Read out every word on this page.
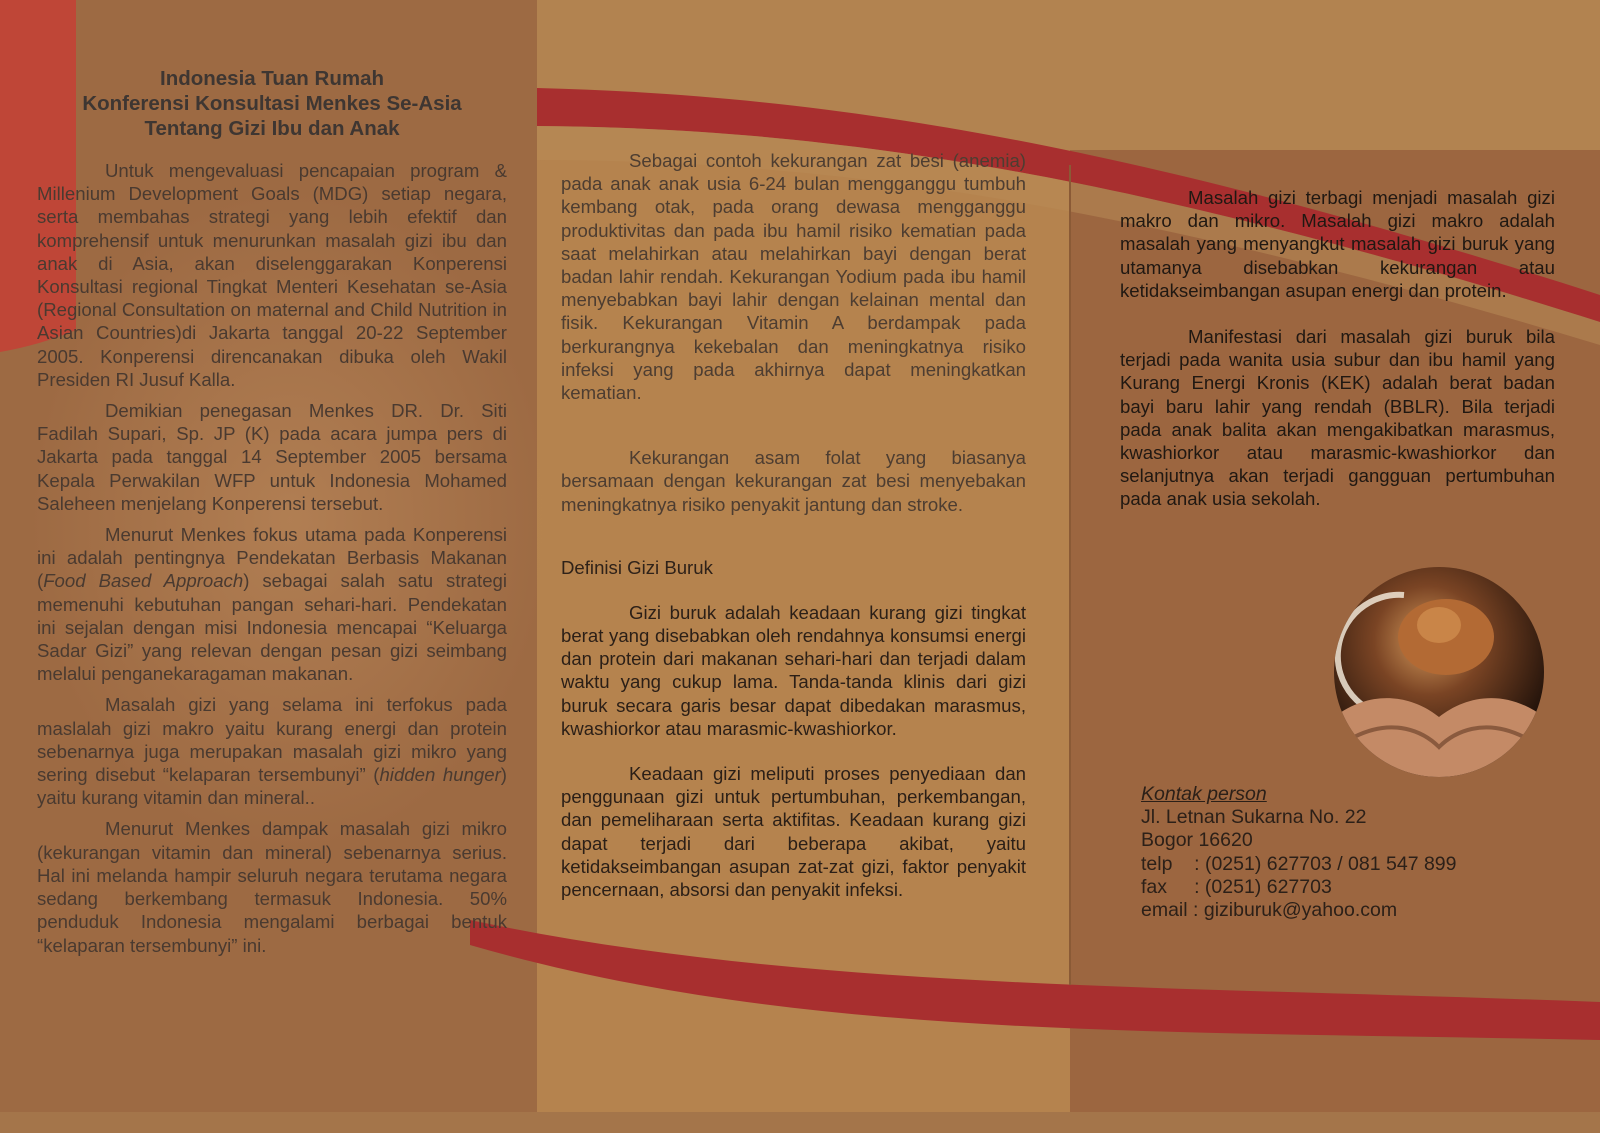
Indonesia Tuan Rumah
Konferensi Konsultasi Menkes Se-Asia
Tentang Gizi Ibu dan Anak

Untuk mengevaluasi pencapaian program & Millenium Development Goals (MDG) setiap negara, serta membahas strategi yang lebih efektif dan komprehensif untuk menurunkan masalah gizi ibu dan anak di Asia, akan diselenggarakan Konperensi Konsultasi regional Tingkat Menteri Kesehatan se-Asia (Regional Consultation on maternal and Child Nutrition in Asian Countries)di Jakarta tanggal 20-22 September 2005. Konperensi direncanakan dibuka oleh Wakil Presiden RI Jusuf Kalla.

Demikian penegasan Menkes DR. Dr. Siti Fadilah Supari, Sp. JP (K) pada acara jumpa pers di Jakarta pada tanggal 14 September 2005 bersama Kepala Perwakilan WFP untuk Indonesia Mohamed Saleheen menjelang Konperensi tersebut.

Menurut Menkes fokus utama pada Konperensi ini adalah pentingnya Pendekatan Berbasis Makanan (Food Based Approach) sebagai salah satu strategi memenuhi kebutuhan pangan sehari-hari. Pendekatan ini sejalan dengan misi Indonesia mencapai “Keluarga Sadar Gizi” yang relevan dengan pesan gizi seimbang melalui penganekaragaman makanan.

Masalah gizi yang selama ini terfokus pada maslalah gizi makro yaitu kurang energi dan protein sebenarnya juga merupakan masalah gizi mikro yang sering disebut “kelaparan tersembunyi” (hidden hunger) yaitu kurang vitamin dan mineral..

Menurut Menkes dampak masalah gizi mikro (kekurangan vitamin dan mineral) sebenarnya serius. Hal ini melanda hampir seluruh negara terutama negara sedang berkembang termasuk Indonesia. 50% penduduk Indonesia mengalami berbagai bentuk “kelaparan tersembunyi” ini.

Sebagai contoh kekurangan zat besi (anemia) pada anak anak usia 6-24 bulan mengganggu tumbuh kembang otak, pada orang dewasa mengganggu produktivitas dan pada ibu hamil risiko kematian pada saat melahirkan atau melahirkan bayi dengan berat badan lahir rendah. Kekurangan Yodium pada ibu hamil menyebabkan bayi lahir dengan kelainan mental dan fisik. Kekurangan Vitamin A berdampak pada berkurangnya kekebalan dan meningkatnya risiko infeksi yang pada akhirnya dapat meningkatkan kematian.

Kekurangan asam folat yang biasanya bersamaan dengan kekurangan zat besi menyebakan meningkatnya risiko penyakit jantung dan stroke.

Definisi Gizi Buruk

Gizi buruk adalah keadaan kurang gizi tingkat berat yang disebabkan oleh rendahnya konsumsi energi dan protein dari makanan sehari-hari dan terjadi dalam waktu yang cukup lama. Tanda-tanda klinis dari gizi buruk secara garis besar dapat dibedakan marasmus, kwashiorkor atau marasmic-kwashiorkor.

Keadaan gizi meliputi proses penyediaan dan penggunaan gizi untuk pertumbuhan, perkembangan, dan pemeliharaan serta aktifitas. Keadaan kurang gizi dapat terjadi dari beberapa akibat, yaitu ketidakseimbangan asupan zat-zat gizi, faktor penyakit pencernaan, absorsi dan penyakit infeksi.

Masalah gizi terbagi menjadi masalah gizi makro dan mikro. Masalah gizi makro adalah masalah yang menyangkut masalah gizi buruk yang utamanya disebabkan kekurangan atau ketidakseimbangan asupan energi dan protein.

Manifestasi dari masalah gizi buruk bila terjadi pada wanita usia subur dan ibu hamil yang Kurang Energi Kronis (KEK) adalah berat badan bayi baru lahir yang rendah (BBLR). Bila terjadi pada anak balita akan mengakibatkan marasmus, kwashiorkor atau marasmic-kwashiorkor dan selanjutnya akan terjadi gangguan pertumbuhan pada anak usia sekolah.

Kontak person
Jl. Letnan Sukarna No. 22
Bogor 16620
telp    : (0251) 627703 / 081 547 899
fax     : (0251) 627703
email : giziburuk@yahoo.com
